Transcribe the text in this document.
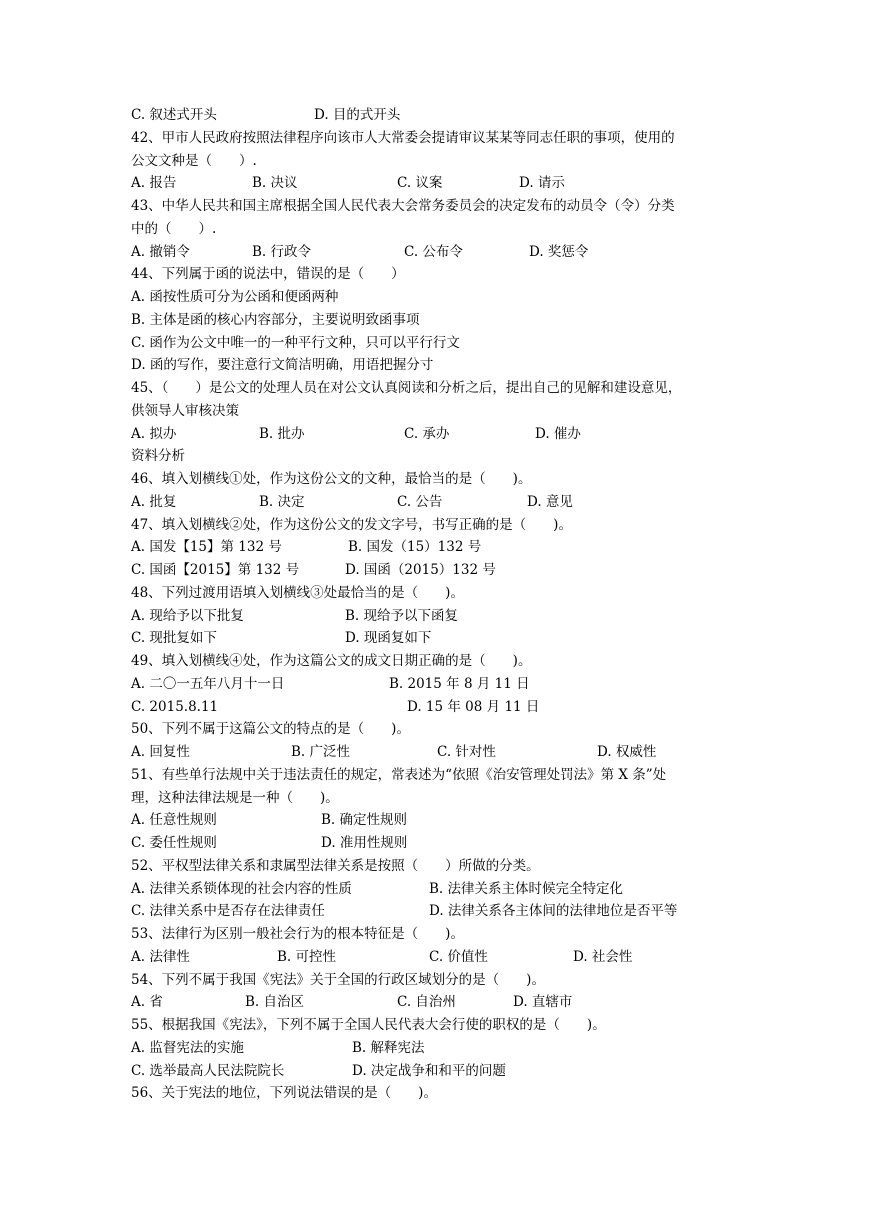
C. 叙述式开头	D. 目的式开头
42、甲市人民政府按照法律程序向该市人大常委会提请审议某某等同志任职的事项，使用的
公文文种是（　　）.
A. 报告	B. 决议	C. 议案	D. 请示
43、中华人民共和国主席根据全国人民代表大会常务委员会的决定发布的动员令（令）分类
中的（　　）.
A. 撤销令	B. 行政令	C. 公布令	D. 奖惩令
44、下列属于函的说法中，错误的是（　　）
A. 函按性质可分为公函和便函两种
B. 主体是函的核心内容部分，主要说明致函事项
C. 函作为公文中唯一的一种平行文种，只可以平行行文
D. 函的写作，要注意行文简洁明确，用语把握分寸
45、（　　）是公文的处理人员在对公文认真阅读和分析之后，提出自己的见解和建设意见，
供领导人审核决策
A. 拟办	B. 批办	C. 承办	D. 催办
资料分析
46、填入划横线①处，作为这份公文的文种，最恰当的是（　　)。
A. 批复	B. 决定	C. 公告	D. 意见
47、填入划横线②处，作为这份公文的发文字号，书写正确的是（　　)。
A. 国发【15】第 132 号	B. 国发（15）132 号
C. 国函【2015】第 132 号	D. 国函（2015）132 号
48、下列过渡用语填入划横线③处最恰当的是（　　)。
A. 现给予以下批复	B. 现给予以下函复
C. 现批复如下	D. 现函复如下
49、填入划横线④处，作为这篇公文的成文日期正确的是（　　)。
A. 二〇一五年八月十一日	B. 2015 年 8 月 11 日
C. 2015.8.11	D. 15 年 08 月 11 日
50、下列不属于这篇公文的特点的是（　　)。
A. 回复性	B. 广泛性	C. 针对性	D. 权威性
51、有些单行法规中关于违法责任的规定，常表述为“依照《治安管理处罚法》第 X 条”处
理，这种法律法规是一种（　　)。
A. 任意性规则	B. 确定性规则
C. 委任性规则	D. 准用性规则
52、平权型法律关系和隶属型法律关系是按照（　　）所做的分类。
A. 法律关系锁体现的社会内容的性质	B. 法律关系主体时候完全特定化
C. 法律关系中是否存在法律责任	D. 法律关系各主体间的法律地位是否平等
53、法律行为区别一般社会行为的根本特征是（　　)。
A. 法律性	B. 可控性	C. 价值性	D. 社会性
54、下列不属于我国《宪法》关于全国的行政区域划分的是（　　)。
A. 省	B. 自治区	C. 自治州	D. 直辖市
55、根据我国《宪法》，下列不属于全国人民代表大会行使的职权的是（　　)。
A. 监督宪法的实施	B. 解释宪法
C. 选举最高人民法院院长	D. 决定战争和和平的问题
56、关于宪法的地位，下列说法错误的是（　　)。
